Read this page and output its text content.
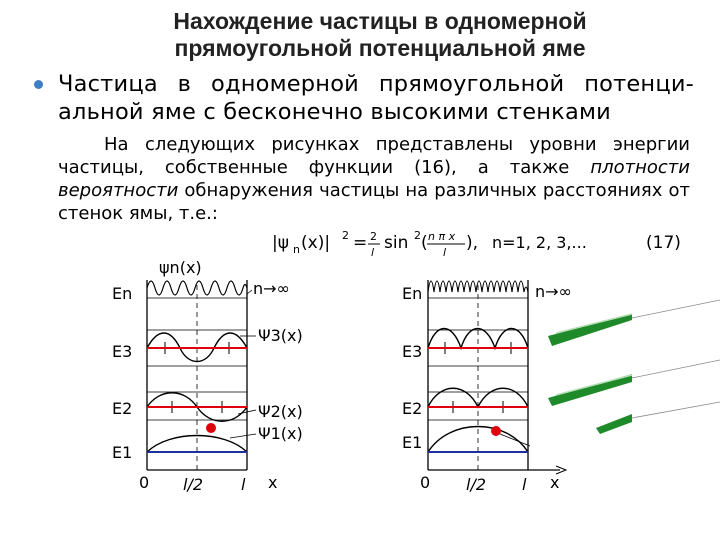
Нахождение частицы в одномерной
прямоугольной потенциальной яме
Частица в одномерной прямоугольной потенци-альной яме с бесконечно высокими стенками
На следующих рисунках представлены уровни энергии частицы, собственные функции (16), а также плотности вероятности обнаружения частицы на различных расстояниях от стенок ямы, т.е.:
|ψ n (x)| 2 = 2
l sin 2 ( n π x
l ), n=1, 2, 3,...	(17)
ψn(x)
En	n→∞
E3
E2
E1
Ψ3(x)
Ψ2(x)
Ψ1(x)
0 l/2 l x
En	n→∞
E3
E2
E1
0 l/2 l x
